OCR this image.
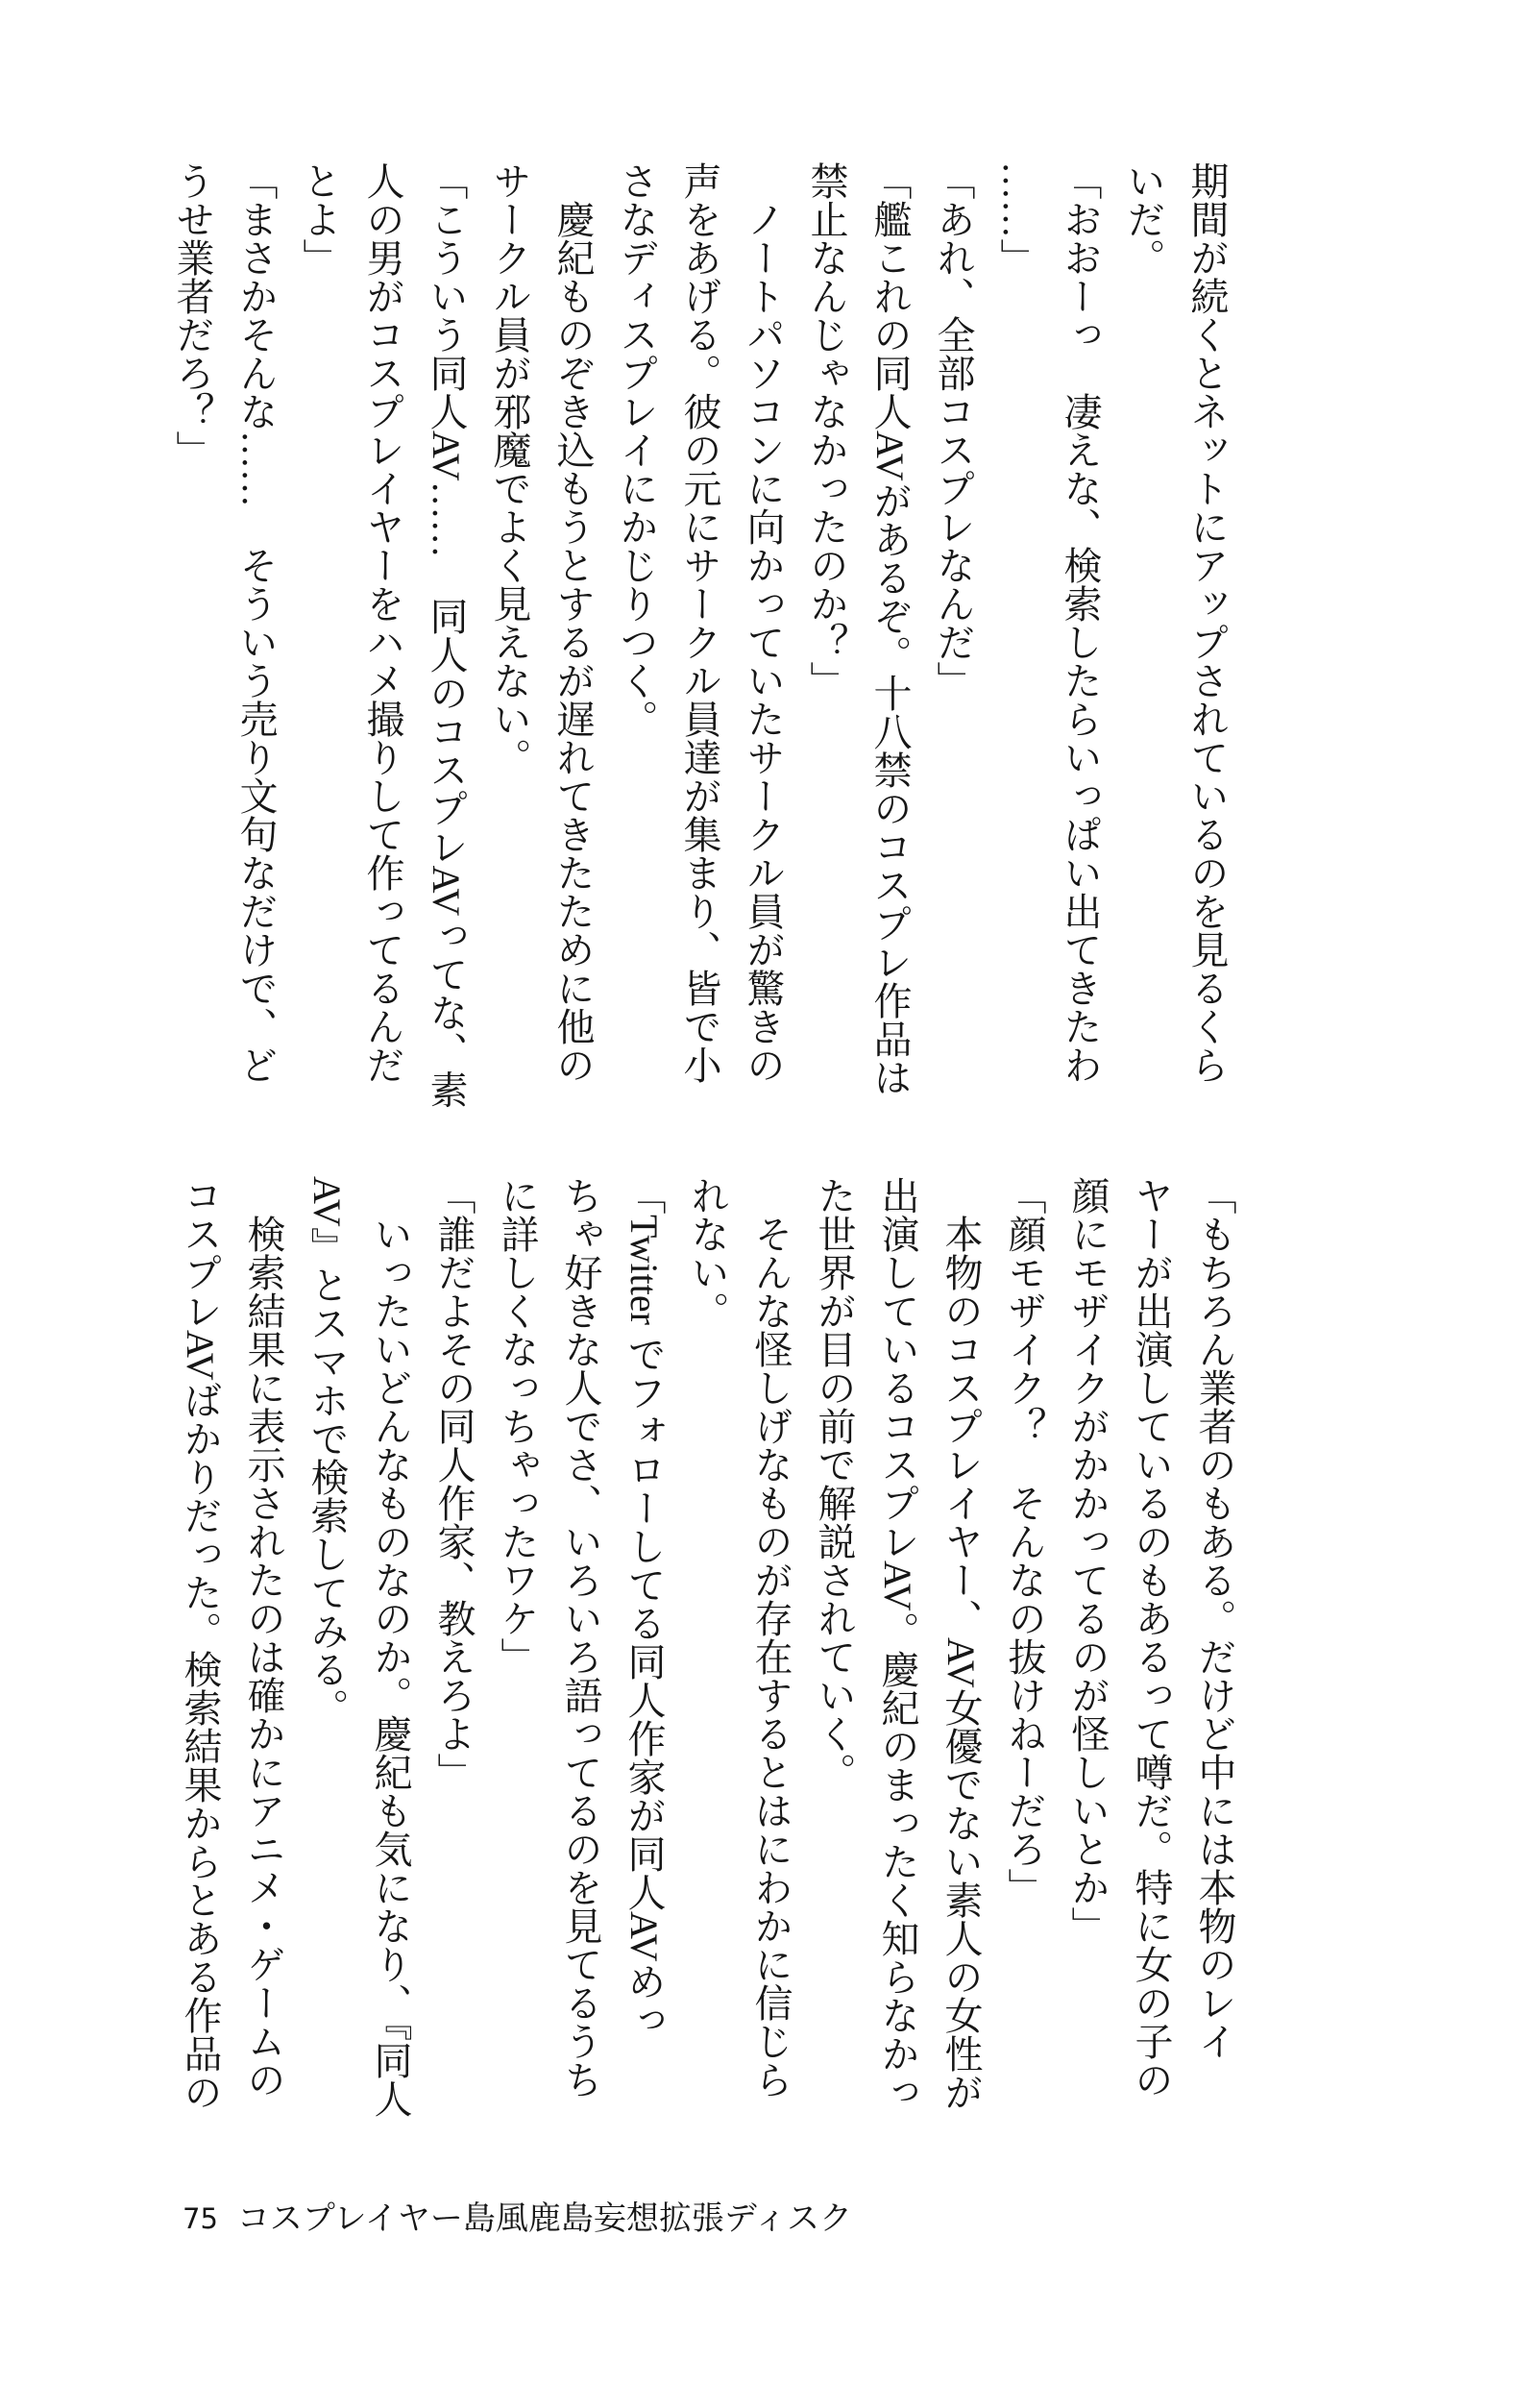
期間が続くとネットにアップされているのを見るくら
いだ。
「おおーっ　凄えな、検索したらいっぱい出てきたわ
……」
「あれ、全部コスプレなんだ」
「艦これの同人AVがあるぞ。十八禁のコスプレ作品は
禁止なんじゃなかったのか？」
　ノートパソコンに向かっていたサークル員が驚きの
声をあげる。彼の元にサークル員達が集まり、皆で小
さなディスプレイにかじりつく。
　慶紀ものぞき込もうとするが遅れてきたために他の
サークル員が邪魔でよく見えない。
「こういう同人AV……　同人のコスプレAVってな、素
人の男がコスプレイヤーをハメ撮りして作ってるんだ
とよ」
「まさかそんな……　そういう売り文句なだけで、ど
うせ業者だろ？」
「もちろん業者のもある。だけど中には本物のレイ
ヤーが出演しているのもあるって噂だ。特に女の子の
顔にモザイクがかかってるのが怪しいとか」
「顔モザイク？　そんなの抜けねーだろ」
　本物のコスプレイヤー、AV女優でない素人の女性が
出演しているコスプレAV。慶紀のまったく知らなかっ
た世界が目の前で解説されていく。
　そんな怪しげなものが存在するとはにわかに信じら
れない。
「Twitter でフォローしてる同人作家が同人AVめっ
ちゃ好きな人でさ、いろいろ語ってるのを見てるうち
に詳しくなっちゃったワケ」
「誰だよその同人作家、教えろよ」
　いったいどんなものなのか。慶紀も気になり、『同人
AV』とスマホで検索してみる。
　検索結果に表示されたのは確かにアニメ・ゲームの
コスプレAVばかりだった。検索結果からとある作品の
75 コスプレイヤー島風鹿島妄想拡張ディスク
